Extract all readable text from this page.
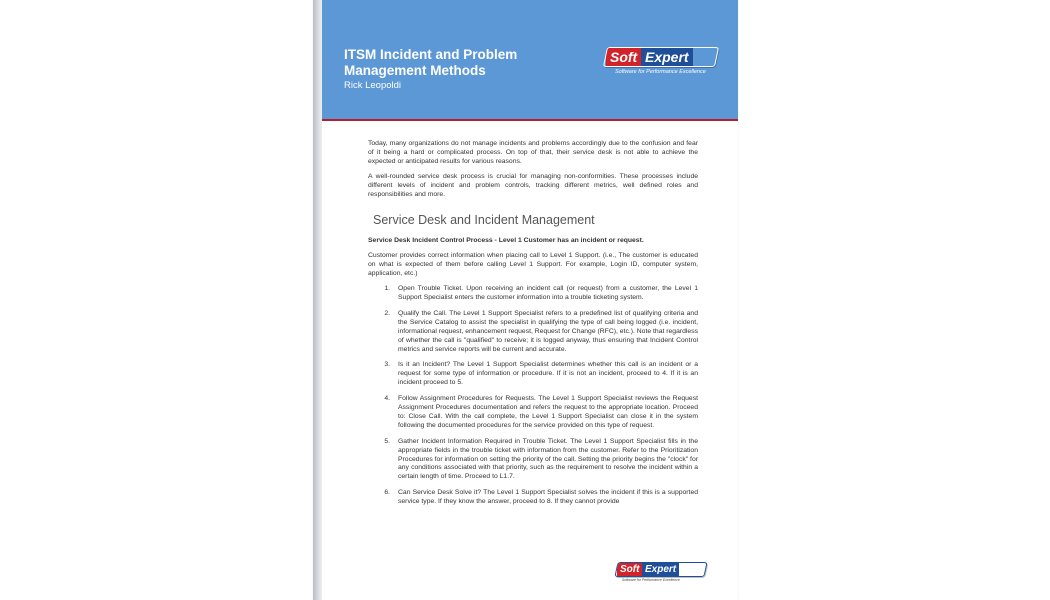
ITSM Incident and Problem Management Methods
Rick Leopoldi
Soft Expert
Software for Performance Excellence

Today, many organizations do not manage incidents and problems accordingly due to the confusion and fear of it being a hard or complicated process. On top of that, their service desk is not able to achieve the expected or anticipated results for various reasons.

A well-rounded service desk process is crucial for managing non-conformities. These processes include different levels of incident and problem controls, tracking different metrics, well defined roles and responsibilities and more.

Service Desk and Incident Management
Service Desk Incident Control Process - Level 1 Customer has an incident or request.

Customer provides correct information when placing call to Level 1 Support. (i.e., The customer is educated on what is expected of them before calling Level 1 Support. For example, Login ID, computer system, application, etc.)

1.	Open Trouble Ticket. Upon receiving an incident call (or request) from a customer, the Level 1 Support Specialist enters the customer information into a trouble ticketing system.
2.	Qualify the Call. The Level 1 Support Specialist refers to a predefined list of qualifying criteria and the Service Catalog to assist the specialist in qualifying the type of call being logged (i.e. incident, informational request, enhancement request, Request for Change (RFC), etc.). Note that regardless of whether the call is "qualified" to receive; it is logged anyway, thus ensuring that Incident Control metrics and service reports will be current and accurate.
3.	Is it an Incident? The Level 1 Support Specialist determines whether this call is an incident or a request for some type of information or procedure. If it is not an incident, proceed to 4. If it is an incident proceed to 5.
4.	Follow Assignment Procedures for Requests. The Level 1 Support Specialist reviews the Request Assignment Procedures documentation and refers the request to the appropriate location. Proceed to: Close Call. With the call complete, the Level 1 Support Specialist can close it in the system following the documented procedures for the service provided on this type of request.
5.	Gather Incident Information Required in Trouble Ticket. The Level 1 Support Specialist fills in the appropriate fields in the trouble ticket with information from the customer. Refer to the Prioritization Procedures for information on setting the priority of the call. Setting the priority begins the "clock" for any conditions associated with that priority, such as the requirement to resolve the incident within a certain length of time. Proceed to L1.7.
6.	Can Service Desk Solve it? The Level 1 Support Specialist solves the incident if this is a supported service type. If they know the answer, proceed to 8. If they cannot provide
Soft Expert
Software for Performance Excellence
